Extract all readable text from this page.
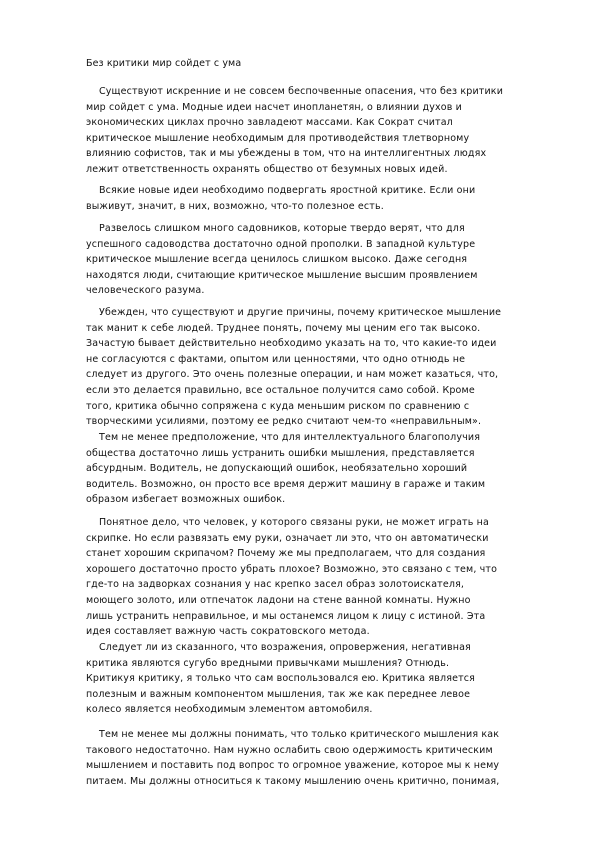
Без критики мир сойдет с ума

Существуют искренние и не совсем беспочвенные опасения, что без критики
мир сойдет с ума. Модные идеи насчет инопланетян, о влиянии духов и
экономических циклах прочно завладеют массами. Как Сократ считал
критическое мышление необходимым для противодействия тлетворному
влиянию софистов, так и мы убеждены в том, что на интеллигентных людях
лежит ответственность охранять общество от безумных новых идей.
Всякие новые идеи необходимо подвергать яростной критике. Если они
выживут, значит, в них, возможно, что-то полезное есть.
Развелось слишком много садовников, которые твердо верят, что для
успешного садоводства достаточно одной прополки. В западной культуре
критическое мышление всегда ценилось слишком высоко. Даже сегодня
находятся люди, считающие критическое мышление высшим проявлением
человеческого разума.
Убежден, что существуют и другие причины, почему критическое мышление
так манит к себе людей. Труднее понять, почему мы ценим его так высоко.
Зачастую бывает действительно необходимо указать на то, что какие-то идеи
не согласуются с фактами, опытом или ценностями, что одно отнюдь не
следует из другого. Это очень полезные операции, и нам может казаться, что,
если это делается правильно, все остальное получится само собой. Кроме
того, критика обычно сопряжена с куда меньшим риском по сравнению с
творческими усилиями, поэтому ее редко считают чем-то «неправильным».
Тем не менее предположение, что для интеллектуального благополучия
общества достаточно лишь устранить ошибки мышления, представляется
абсурдным. Водитель, не допускающий ошибок, необязательно хороший
водитель. Возможно, он просто все время держит машину в гараже и таким
образом избегает возможных ошибок.
Понятное дело, что человек, у которого связаны руки, не может играть на
скрипке. Но если развязать ему руки, означает ли это, что он автоматически
станет хорошим скрипачом? Почему же мы предполагаем, что для создания
хорошего достаточно просто убрать плохое? Возможно, это связано с тем, что
где-то на задворках сознания у нас крепко засел образ золотоискателя,
моющего золото, или отпечаток ладони на стене ванной комнаты. Нужно
лишь устранить неправильное, и мы останемся лицом к лицу с истиной. Эта
идея составляет важную часть сократовского метода.
Следует ли из сказанного, что возражения, опровержения, негативная
критика являются сугубо вредными привычками мышления? Отнюдь.
Критикуя критику, я только что сам воспользовался ею. Критика является
полезным и важным компонентом мышления, так же как переднее левое
колесо является необходимым элементом автомобиля.
Тем не менее мы должны понимать, что только критического мышления как
такового недостаточно. Нам нужно ослабить свою одержимость критическим
мышлением и поставить под вопрос то огромное уважение, которое мы к нему
питаем. Мы должны относиться к такому мышлению очень критично, понимая,
